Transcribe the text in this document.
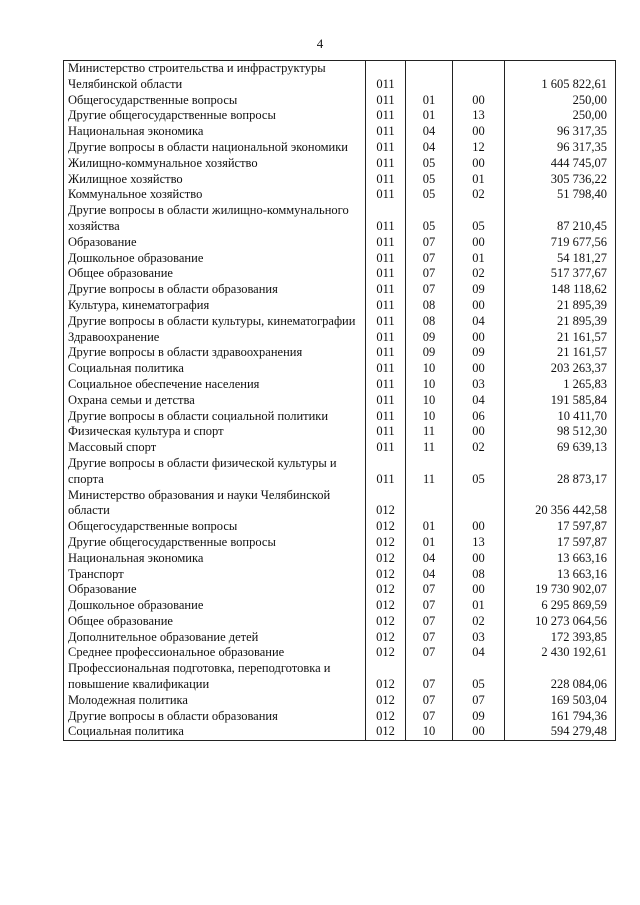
4
Министерство строительства и инфраструктуры Челябинской области	011			1 605 822,61
Общегосударственные вопросы	011	01	00	250,00
Другие общегосударственные вопросы	011	01	13	250,00
Национальная экономика	011	04	00	96 317,35
Другие вопросы в области национальной экономики	011	04	12	96 317,35
Жилищно-коммунальное хозяйство	011	05	00	444 745,07
Жилищное хозяйство	011	05	01	305 736,22
Коммунальное хозяйство	011	05	02	51 798,40
Другие вопросы в области жилищно-коммунального хозяйства	011	05	05	87 210,45
Образование	011	07	00	719 677,56
Дошкольное образование	011	07	01	54 181,27
Общее образование	011	07	02	517 377,67
Другие вопросы в области образования	011	07	09	148 118,62
Культура, кинематография	011	08	00	21 895,39
Другие вопросы в области культуры, кинематографии	011	08	04	21 895,39
Здравоохранение	011	09	00	21 161,57
Другие вопросы в области здравоохранения	011	09	09	21 161,57
Социальная политика	011	10	00	203 263,37
Социальное обеспечение населения	011	10	03	1 265,83
Охрана семьи и детства	011	10	04	191 585,84
Другие вопросы в области социальной политики	011	10	06	10 411,70
Физическая культура и спорт	011	11	00	98 512,30
Массовый спорт	011	11	02	69 639,13
Другие вопросы в области физической культуры и спорта	011	11	05	28 873,17
Министерство образования и науки Челябинской области	012			20 356 442,58
Общегосударственные вопросы	012	01	00	17 597,87
Другие общегосударственные вопросы	012	01	13	17 597,87
Национальная экономика	012	04	00	13 663,16
Транспорт	012	04	08	13 663,16
Образование	012	07	00	19 730 902,07
Дошкольное образование	012	07	01	6 295 869,59
Общее образование	012	07	02	10 273 064,56
Дополнительное образование детей	012	07	03	172 393,85
Среднее профессиональное образование	012	07	04	2 430 192,61
Профессиональная подготовка, переподготовка и повышение квалификации	012	07	05	228 084,06
Молодежная политика	012	07	07	169 503,04
Другие вопросы в области образования	012	07	09	161 794,36
Социальная политика	012	10	00	594 279,48
